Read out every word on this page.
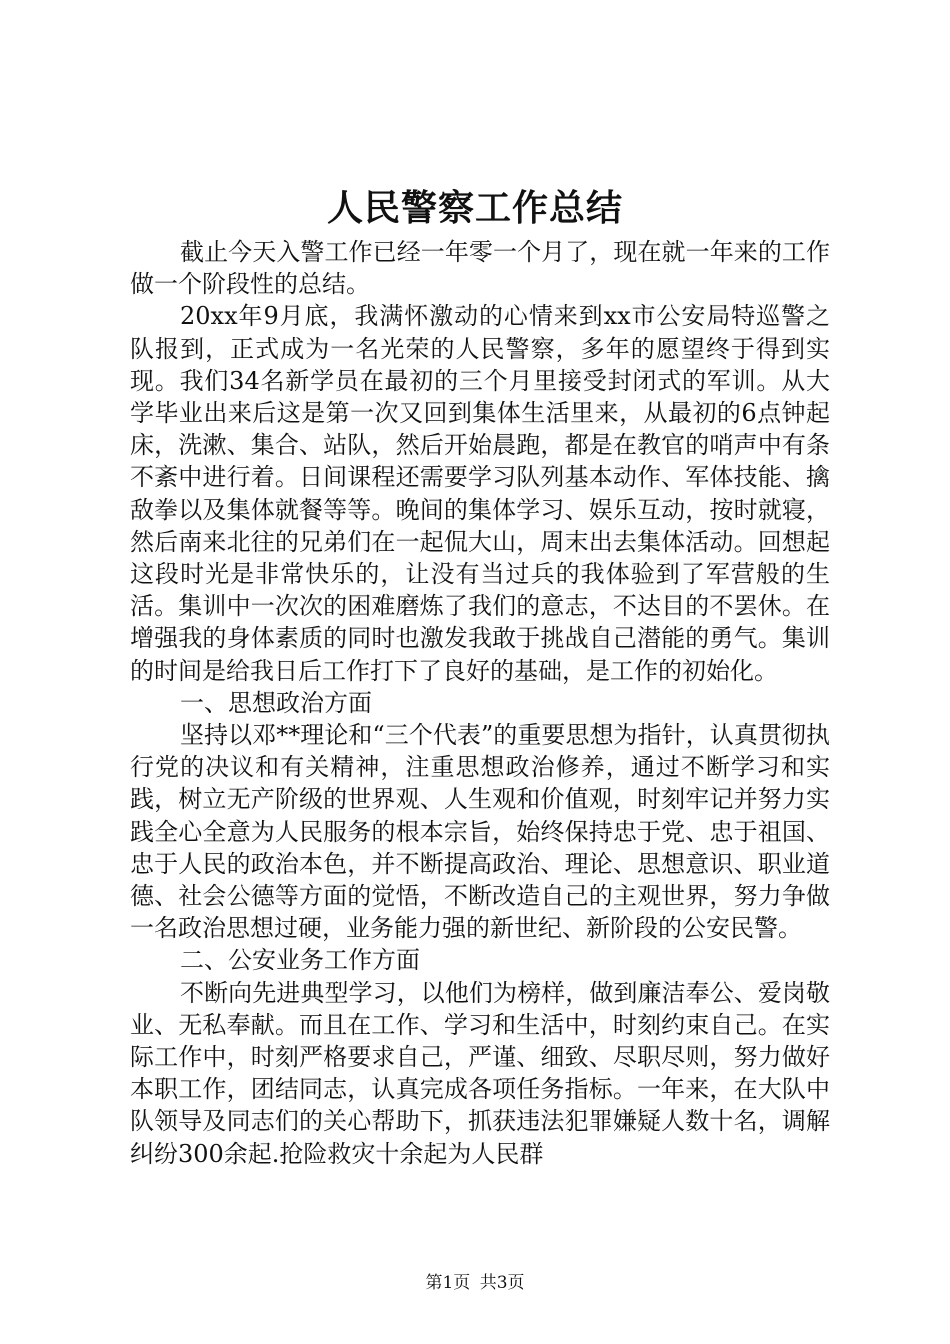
人民警察工作总结

截止今天入警工作已经一年零一个月了，现在就一年来的工作做一个阶段性的总结。

20xx年9月底，我满怀激动的心情来到xx市公安局特巡警之队报到，正式成为一名光荣的人民警察，多年的愿望终于得到实现。我们34名新学员在最初的三个月里接受封闭式的军训。从大学毕业出来后这是第一次又回到集体生活里来，从最初的6点钟起床，洗漱、集合、站队，然后开始晨跑，都是在教官的哨声中有条不紊中进行着。日间课程还需要学习队列基本动作、军体技能、擒敌拳以及集体就餐等等。晚间的集体学习、娱乐互动，按时就寝，然后南来北往的兄弟们在一起侃大山，周末出去集体活动。回想起这段时光是非常快乐的，让没有当过兵的我体验到了军营般的生活。集训中一次次的困难磨炼了我们的意志，不达目的不罢休。在增强我的身体素质的同时也激发我敢于挑战自己潜能的勇气。集训的时间是给我日后工作打下了良好的基础，是工作的初始化。

一、思想政治方面

坚持以邓**理论和“三个代表”的重要思想为指针，认真贯彻执行党的决议和有关精神，注重思想政治修养，通过不断学习和实践，树立无产阶级的世界观、人生观和价值观，时刻牢记并努力实践全心全意为人民服务的根本宗旨，始终保持忠于党、忠于祖国、忠于人民的政治本色，并不断提高政治、理论、思想意识、职业道德、社会公德等方面的觉悟，不断改造自己的主观世界，努力争做一名政治思想过硬，业务能力强的新世纪、新阶段的公安民警。

二、公安业务工作方面

不断向先进典型学习，以他们为榜样，做到廉洁奉公、爱岗敬业、无私奉献。而且在工作、学习和生活中，时刻约束自己。在实际工作中，时刻严格要求自己，严谨、细致、尽职尽则，努力做好本职工作，团结同志，认真完成各项任务指标。一年来，在大队中队领导及同志们的关心帮助下，抓获违法犯罪嫌疑人数十名，调解纠纷300余起.抢险救灾十余起为人民群

第1页 共3页
